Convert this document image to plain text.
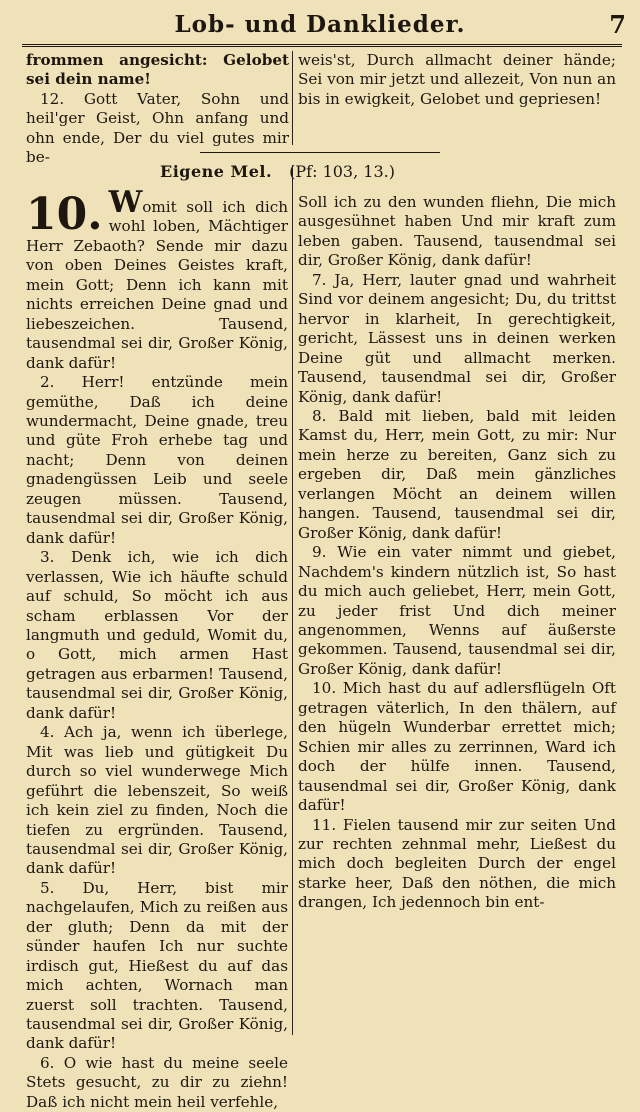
Lob- und Danklieder.	7

frommen angesicht: Gelobet sei dein name!

12. Gott Vater, Sohn und heil'ger Geist, Ohn anfang und ohn ende, Der du viel gutes mir be-

weis'st, Durch allmacht deiner hände; Sei von mir jetzt und allezeit, Von nun an bis in ewigkeit, Gelobet und gepriesen!

Eigene Mel. (Pf: 103, 13.)

10. Womit soll ich dich wohl loben, Mächtiger Herr Zebaoth? Sende mir dazu von oben Deines Geistes kraft, mein Gott; Denn ich kann mit nichts erreichen Deine gnad und liebeszeichen. Tausend, tausendmal sei dir, Großer König, dank dafür!

2. Herr! entzünde mein gemüthe, Daß ich deine wundermacht, Deine gnade, treu und güte Froh erhebe tag und nacht; Denn von deinen gnadengüssen Leib und seele zeugen müssen. Tausend, tausendmal sei dir, Großer König, dank dafür!

3. Denk ich, wie ich dich verlassen, Wie ich häufte schuld auf schuld, So möcht ich aus scham erblassen Vor der langmuth und geduld, Womit du, o Gott, mich armen Hast getragen aus erbarmen! Tausend, tausendmal sei dir, Großer König, dank dafür!

4. Ach ja, wenn ich überlege, Mit was lieb und gütigkeit Du durch so viel wunderwege Mich geführt die lebenszeit, So weiß ich kein ziel zu finden, Noch die tiefen zu ergründen. Tausend, tausendmal sei dir, Großer König, dank dafür!

5. Du, Herr, bist mir nachgelaufen, Mich zu reißen aus der gluth; Denn da mit der sünder haufen Ich nur suchte irdisch gut, Hießest du auf das mich achten, Wornach man zuerst soll trachten. Tausend, tausendmal sei dir, Großer König, dank dafür!

6. O wie hast du meine seele Stets gesucht, zu dir zu ziehn! Daß ich nicht mein heil verfehle,

Soll ich zu den wunden fliehn, Die mich ausgesühnet haben Und mir kraft zum leben gaben. Tausend, tausendmal sei dir, Großer König, dank dafür!

7. Ja, Herr, lauter gnad und wahrheit Sind vor deinem angesicht; Du, du trittst hervor in klarheit, In gerechtigkeit, gericht, Lässest uns in deinen werken Deine güt und allmacht merken. Tausend, tausendmal sei dir, Großer König, dank dafür!

8. Bald mit lieben, bald mit leiden Kamst du, Herr, mein Gott, zu mir: Nur mein herze zu bereiten, Ganz sich zu ergeben dir, Daß mein gänzliches verlangen Möcht an deinem willen hangen. Tausend, tausendmal sei dir, Großer König, dank dafür!

9. Wie ein vater nimmt und giebet, Nachdem's kindern nützlich ist, So hast du mich auch geliebet, Herr, mein Gott, zu jeder frist Und dich meiner angenommen, Wenns auf äußerste gekommen. Tausend, tausendmal sei dir, Großer König, dank dafür!

10. Mich hast du auf adlersflügeln Oft getragen väterlich, In den thälern, auf den hügeln Wunderbar errettet mich; Schien mir alles zu zerrinnen, Ward ich doch der hülfe innen. Tausend, tausendmal sei dir, Großer König, dank dafür!

11. Fielen tausend mir zur seiten Und zur rechten zehnmal mehr, Ließest du mich doch begleiten Durch der engel starke heer, Daß den nöthen, die mich drangen, Ich jedennoch bin ent-
